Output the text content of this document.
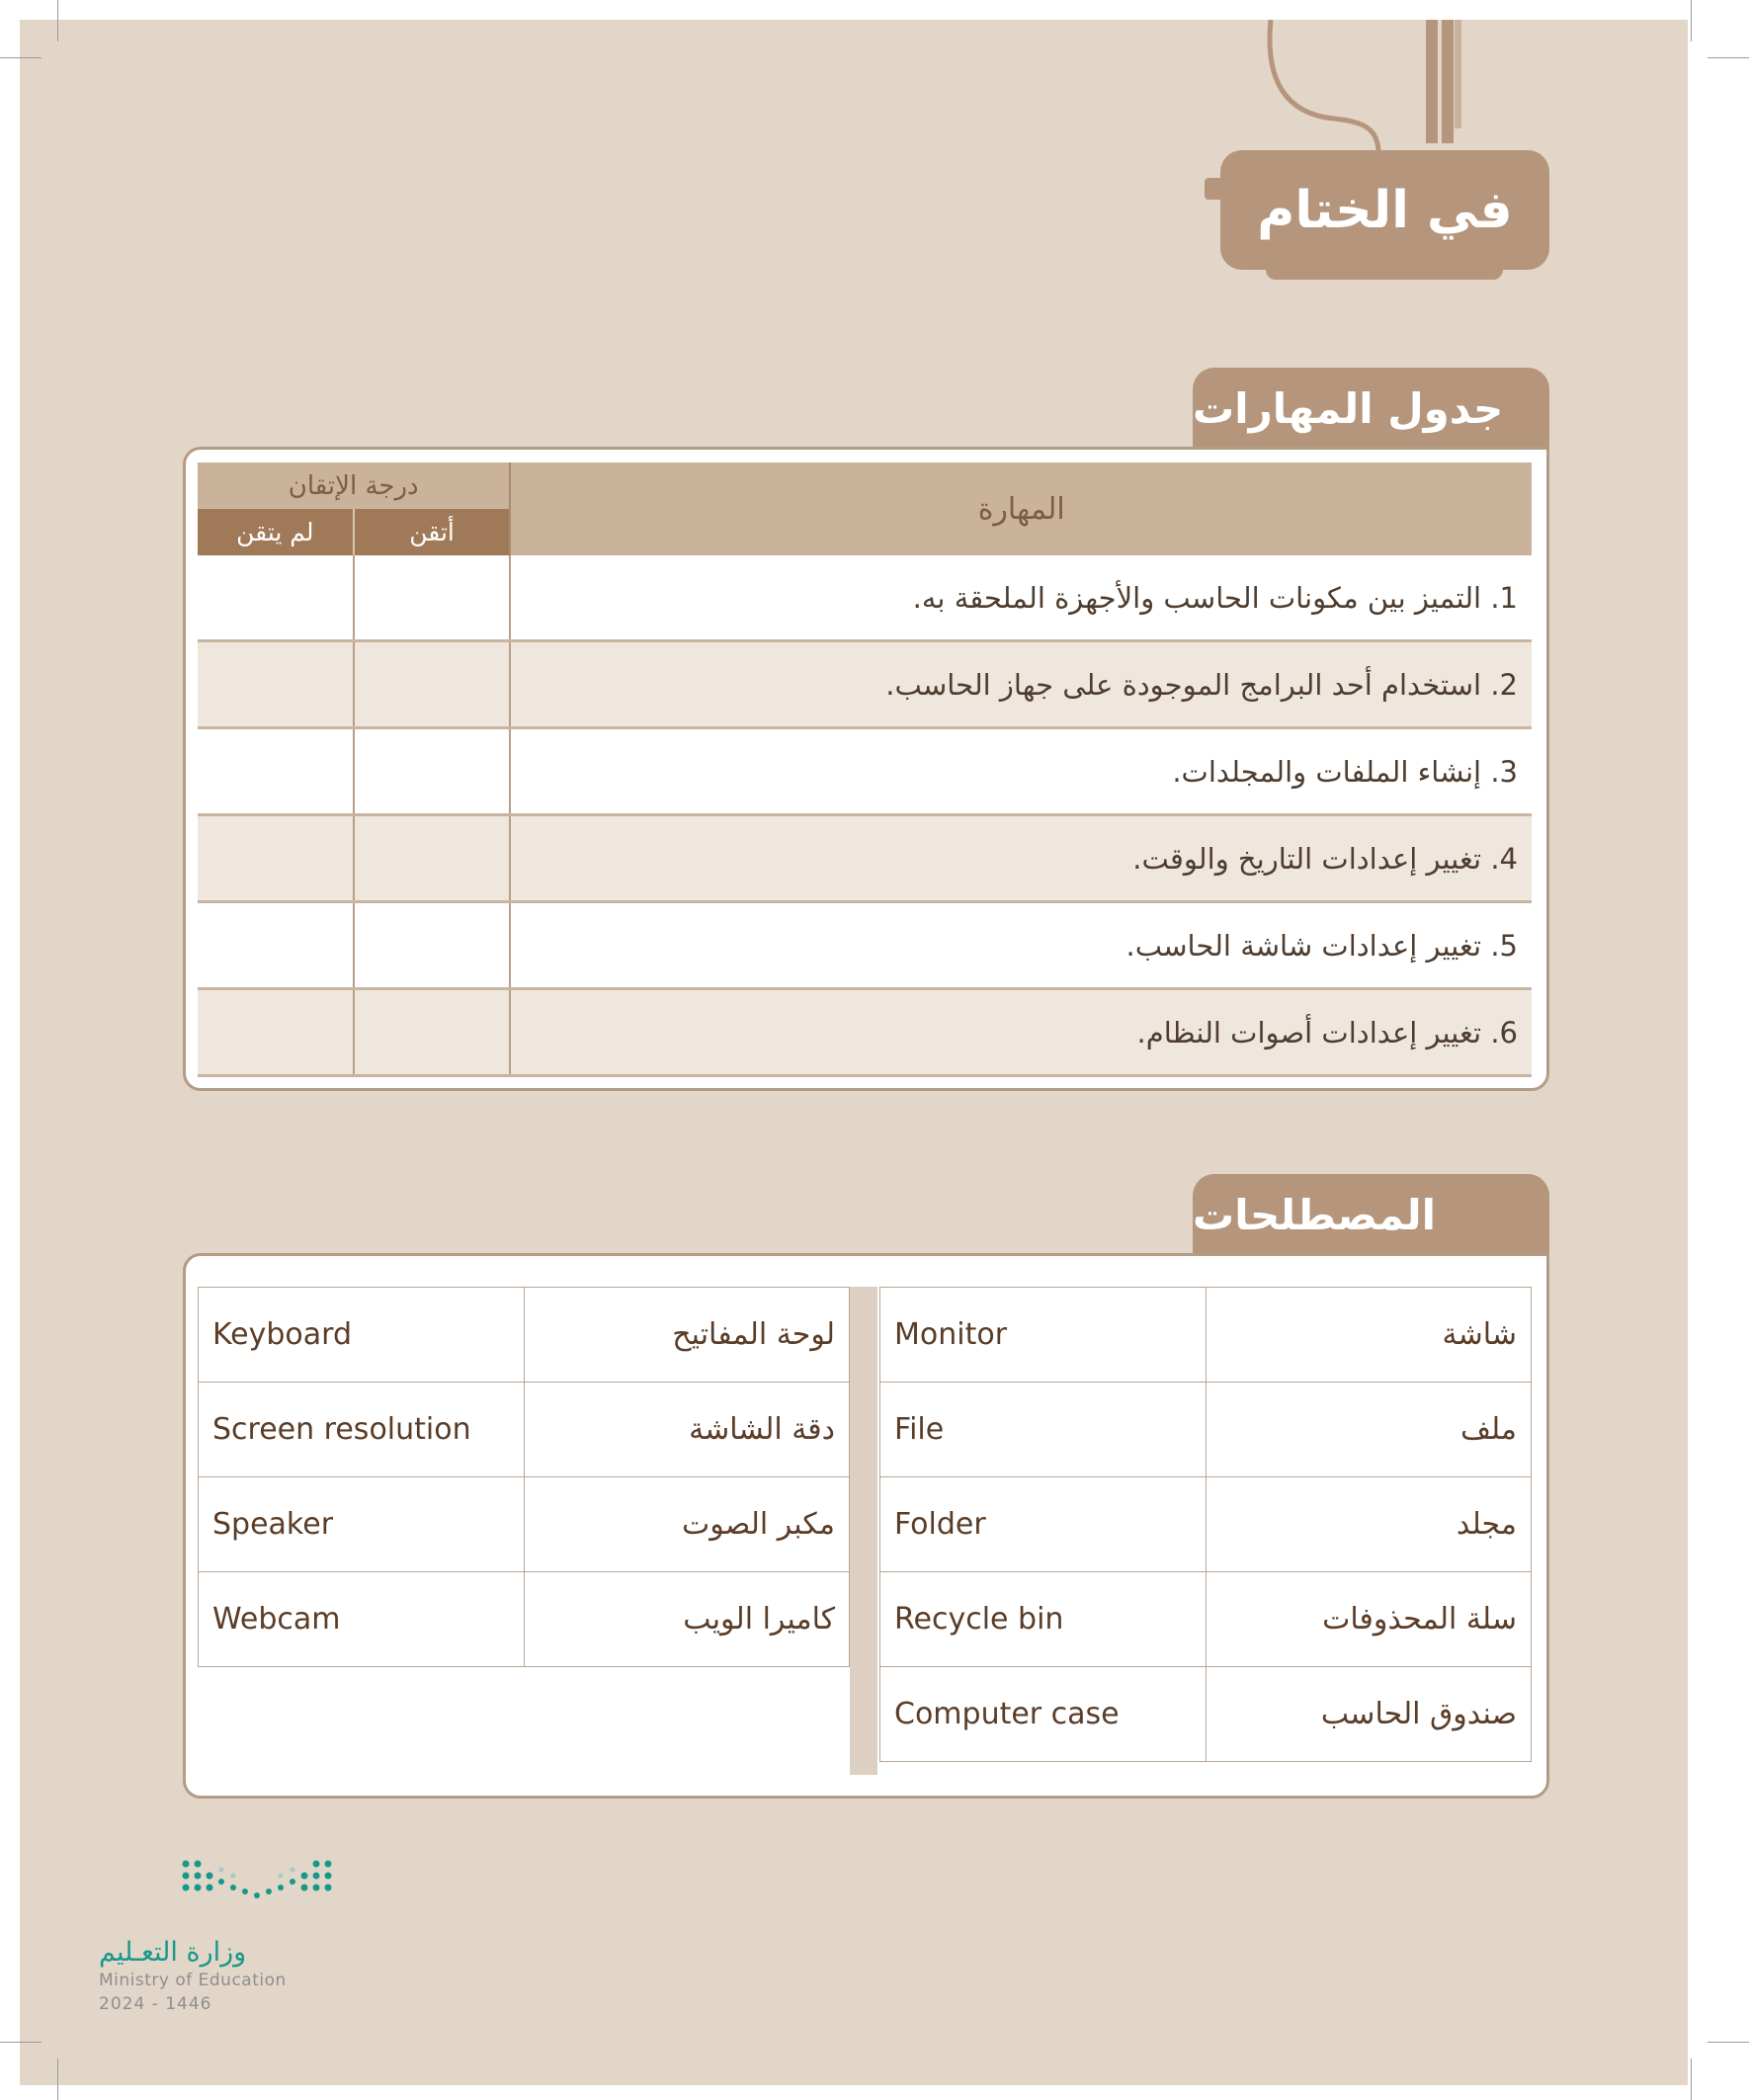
في الختام
جدول المهارات
المهارة	درجة الإتقان	
	أتقن	لم يتقن
1. التميز بين مكونات الحاسب والأجهزة الملحقة به.		
2. استخدام أحد البرامج الموجودة على جهاز الحاسب.		
3. إنشاء الملفات والمجلدات.		
4. تغيير إعدادات التاريخ والوقت.		
5. تغيير إعدادات شاشة الحاسب.		
6. تغيير إعدادات أصوات النظام.		
المصطلحات
Monitor	شاشة
File	ملف
Folder	مجلد
Recycle bin	سلة المحذوفات
Computer case	صندوق الحاسب
Keyboard	لوحة المفاتيح
Screen resolution	دقة الشاشة
Speaker	مكبر الصوت
Webcam	كاميرا الويب
وزارة التعـليم
Ministry of Education
2024 - 1446
